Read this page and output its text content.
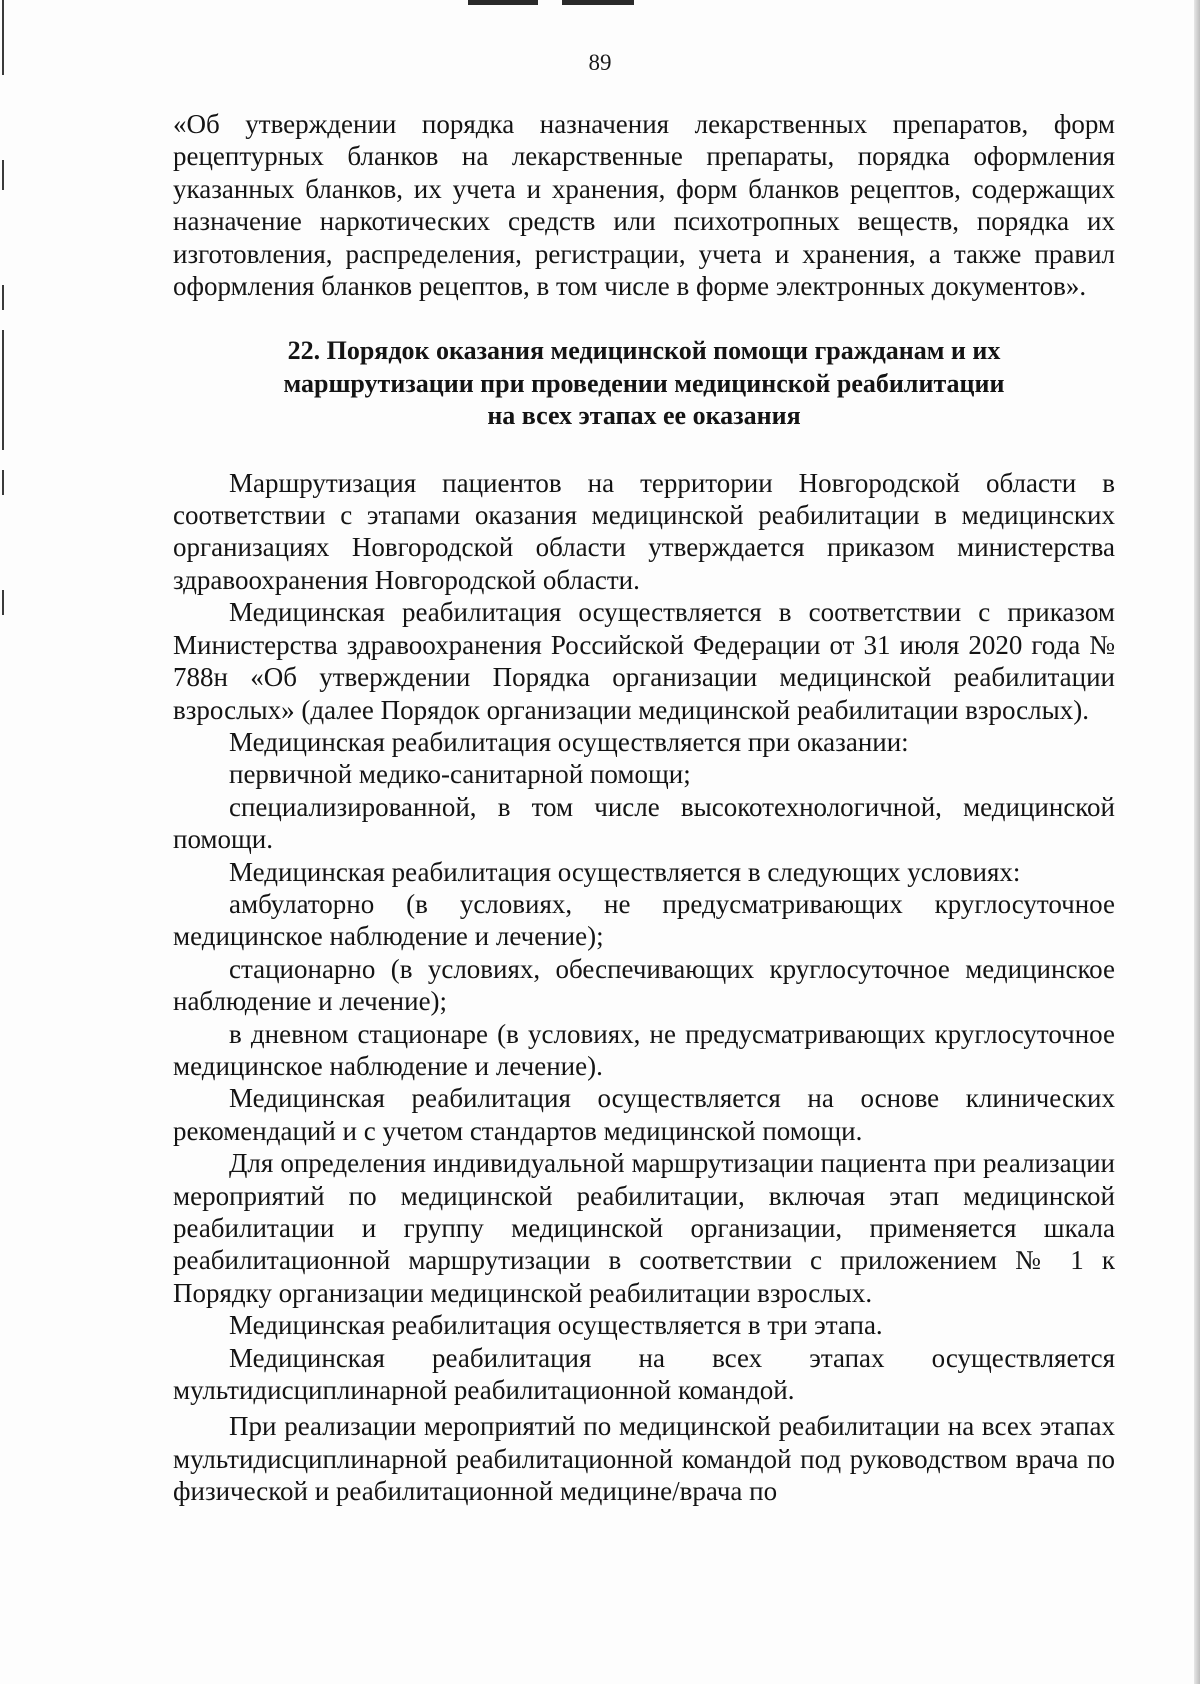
89

«Об утверждении порядка назначения лекарственных препаратов, форм рецептурных бланков на лекарственные препараты, порядка оформления указанных бланков, их учета и хранения, форм бланков рецептов, содержащих назначение наркотических средств или психотропных веществ, порядка их изготовления, распределения, регистрации, учета и хранения, а также правил оформления бланков рецептов, в том числе в форме электронных документов».

22. Порядок оказания медицинской помощи гражданам и их
маршрутизации при проведении медицинской реабилитации
на всех этапах ее оказания

Маршрутизация пациентов на территории Новгородской области в соответствии с этапами оказания медицинской реабилитации в медицинских организациях Новгородской области утверждается приказом министерства здравоохранения Новгородской области.

Медицинская реабилитация осуществляется в соответствии с приказом Министерства здравоохранения Российской Федерации от 31 июля 2020 года № 788н «Об утверждении Порядка организации медицинской реабилитации взрослых» (далее Порядок организации медицинской реабилитации взрослых).

Медицинская реабилитация осуществляется при оказании:

первичной медико-санитарной помощи;

специализированной, в том числе высокотехнологичной, медицинской помощи.

Медицинская реабилитация осуществляется в следующих условиях:

амбулаторно (в условиях, не предусматривающих круглосуточное медицинское наблюдение и лечение);

стационарно (в условиях, обеспечивающих круглосуточное медицинское наблюдение и лечение);

в дневном стационаре (в условиях, не предусматривающих круглосуточное медицинское наблюдение и лечение).

Медицинская реабилитация осуществляется на основе клинических рекомендаций и с учетом стандартов медицинской помощи.

Для определения индивидуальной маршрутизации пациента при реализации мероприятий по медицинской реабилитации, включая этап медицинской реабилитации и группу медицинской организации, применяется шкала реабилитационной маршрутизации в соответствии с приложением № 1 к Порядку организации медицинской реабилитации взрослых.

Медицинская реабилитация осуществляется в три этапа.

Медицинская реабилитация на всех этапах осуществляется мультидисциплинарной реабилитационной командой.

При реализации мероприятий по медицинской реабилитации на всех этапах мультидисциплинарной реабилитационной командой под руководством врача по физической и реабилитационной медицине/врача по
